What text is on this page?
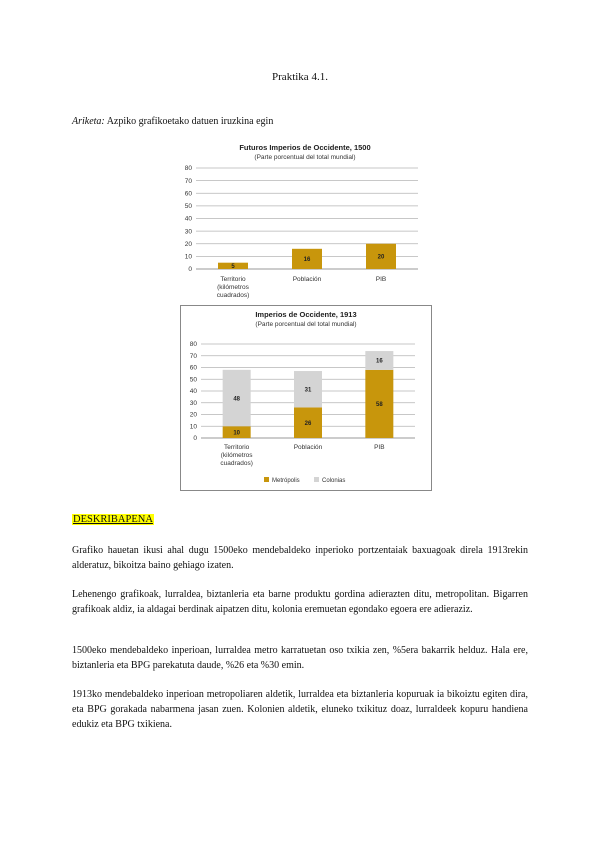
Praktika 4.1.
Ariketa: Azpiko grafikoetako datuen iruzkina egin
Futuros Imperios de Occidente, 1500
(Parte porcentual del total mundial)
0
10
20
30
40
50
60
70
80
5
Territorio
(kilómetros
cuadrados)
16
Población
20
PIB
Imperios de Occidente, 1913
(Parte porcentual del total mundial)
0
10
20
30
40
50
60
70
80
10
48
Territorio
(kilómetros
cuadrados)
26
31
Población
58
16
PIB
Metrópolis	Colonias
DESKRIBAPENA

Grafiko hauetan ikusi ahal dugu 1500eko mendebaldeko inperioko portzentaiak baxuagoak direla 1913rekin alderatuz, bikoitza baino gehiago izaten.

Lehenengo grafikoak, lurraldea, biztanleria eta barne produktu gordina adierazten ditu, metropolitan. Bigarren grafikoak aldiz, ia aldagai berdinak aipatzen ditu, kolonia eremuetan egondako egoera ere adieraziz.

1500eko mendebaldeko inperioan, lurraldea metro karratuetan oso txikia zen, %5era bakarrik helduz. Hala ere, biztanleria eta BPG parekatuta daude, %26 eta %30 emin.

1913ko mendebaldeko inperioan metropoliaren aldetik, lurraldea eta biztanleria kopuruak ia bikoiztu egiten dira, eta BPG gorakada nabarmena jasan zuen. Kolonien aldetik, eluneko txikituz doaz, lurraldeek kopuru handiena edukiz eta BPG txikiena.
